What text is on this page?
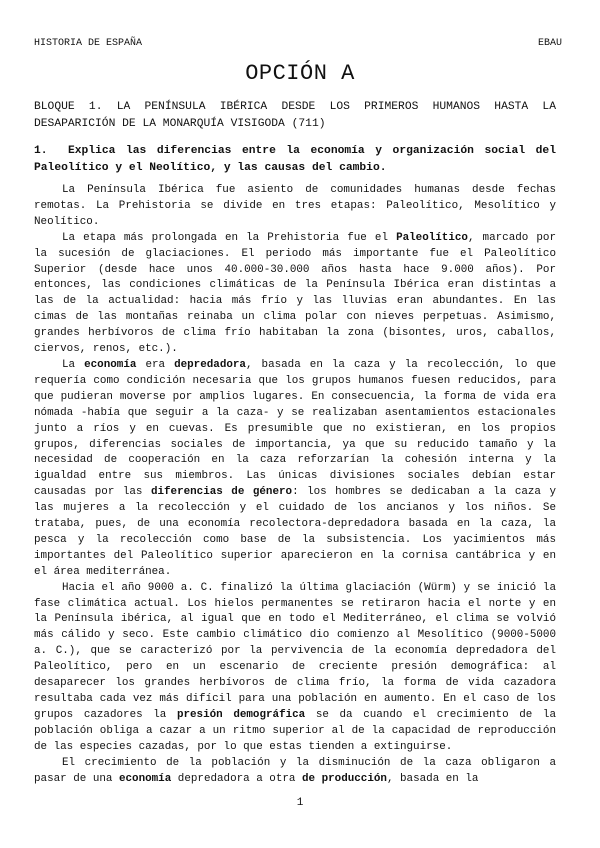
HISTORIA DE ESPAÑA	EBAU
OPCIÓN A
BLOQUE 1. LA PENÍNSULA IBÉRICA DESDE LOS PRIMEROS HUMANOS HASTA LA DESAPARICIÓN DE LA MONARQUÍA VISIGODA (711)
1. Explica las diferencias entre la economía y organización social del Paleolítico y el Neolítico, y las causas del cambio.

La Península Ibérica fue asiento de comunidades humanas desde fechas remotas. La Prehistoria se divide en tres etapas: Paleolítico, Mesolítico y Neolítico.

La etapa más prolongada en la Prehistoria fue el Paleolítico, marcado por la sucesión de glaciaciones. El periodo más importante fue el Paleolítico Superior (desde hace unos 40.000-30.000 años hasta hace 9.000 años). Por entonces, las condiciones climáticas de la Península Ibérica eran distintas a las de la actualidad: hacia más frío y las lluvias eran abundantes. En las cimas de las montañas reinaba un clima polar con nieves perpetuas. Asimismo, grandes herbívoros de clima frío habitaban la zona (bisontes, uros, caballos, ciervos, renos, etc.).

La economía era depredadora, basada en la caza y la recolección, lo que requería como condición necesaria que los grupos humanos fuesen reducidos, para que pudieran moverse por amplios lugares. En consecuencia, la forma de vida era nómada -había que seguir a la caza- y se realizaban asentamientos estacionales junto a ríos y en cuevas. Es presumible que no existieran, en los propios grupos, diferencias sociales de importancia, ya que su reducido tamaño y la necesidad de cooperación en la caza reforzarían la cohesión interna y la igualdad entre sus miembros. Las únicas divisiones sociales debían estar causadas por las diferencias de género: los hombres se dedicaban a la caza y las mujeres a la recolección y el cuidado de los ancianos y los niños. Se trataba, pues, de una economía recolectora-depredadora basada en la caza, la pesca y la recolección como base de la subsistencia. Los yacimientos más importantes del Paleolítico superior aparecieron en la cornisa cantábrica y en el área mediterránea.

Hacia el año 9000 a. C. finalizó la última glaciación (Würm) y se inició la fase climática actual. Los hielos permanentes se retiraron hacia el norte y en la Península ibérica, al igual que en todo el Mediterráneo, el clima se volvió más cálido y seco. Este cambio climático dio comienzo al Mesolítico (9000-5000 a. C.), que se caracterizó por la pervivencia de la economía depredadora del Paleolítico, pero en un escenario de creciente presión demográfica: al desaparecer los grandes herbívoros de clima frío, la forma de vida cazadora resultaba cada vez más difícil para una población en aumento. En el caso de los grupos cazadores la presión demográfica se da cuando el crecimiento de la población obliga a cazar a un ritmo superior al de la capacidad de reproducción de las especies cazadas, por lo que estas tienden a extinguirse.

El crecimiento de la población y la disminución de la caza obligaron a pasar de una economía depredadora a otra de producción, basada en la

1
